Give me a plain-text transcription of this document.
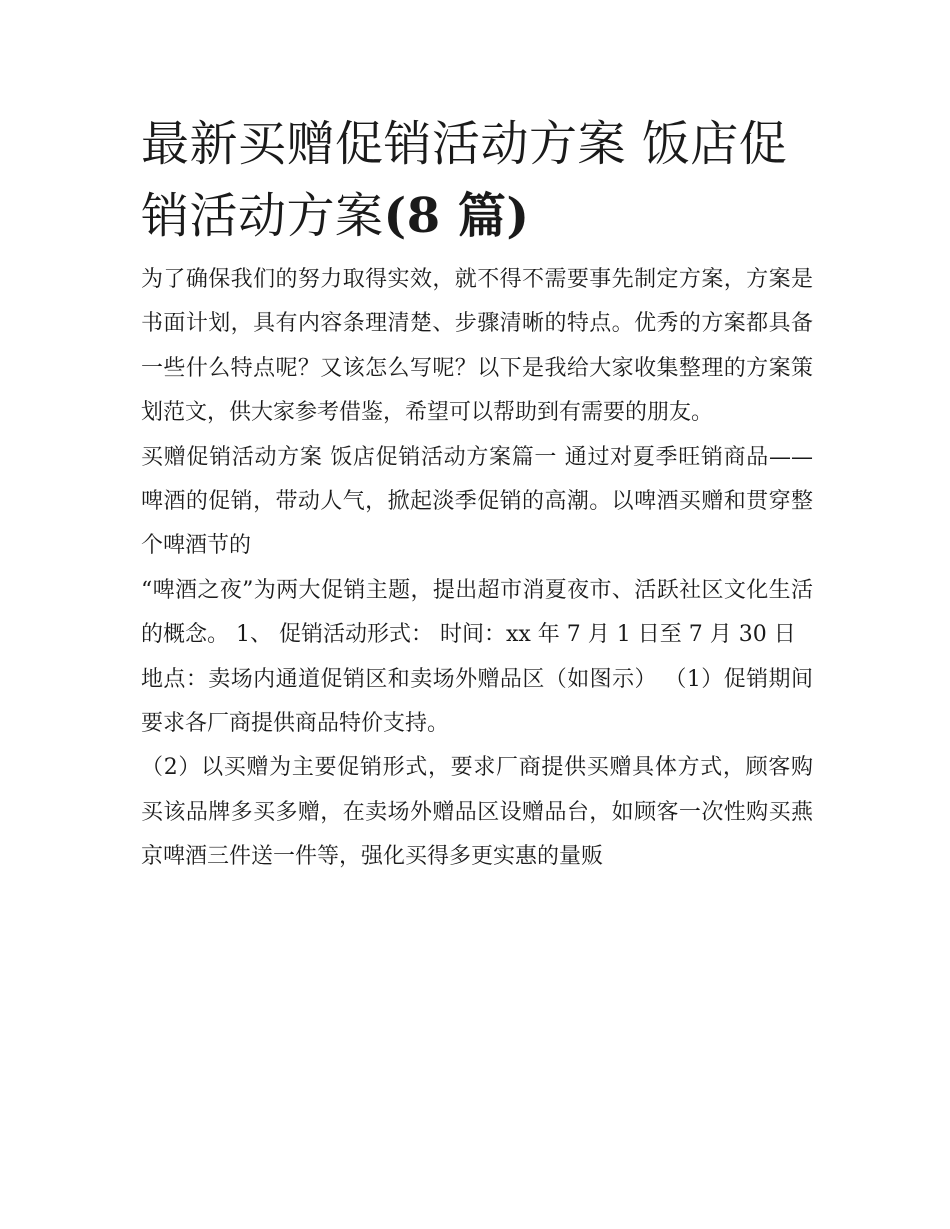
最新买赠促销活动方案 饭店促销活动方案(8 篇)

为了确保我们的努力取得实效，就不得不需要事先制定方案，方案是书面计划，具有内容条理清楚、步骤清晰的特点。优秀的方案都具备一些什么特点呢？又该怎么写呢？以下是我给大家收集整理的方案策划范文，供大家参考借鉴，希望可以帮助到有需要的朋友。

买赠促销活动方案 饭店促销活动方案篇一 通过对夏季旺销商品——啤酒的促销，带动人气，掀起淡季促销的高潮。以啤酒买赠和贯穿整个啤酒节的

“啤酒之夜”为两大促销主题，提出超市消夏夜市、活跃社区文化生活的概念。 1、 促销活动形式： 时间：xx 年 7 月 1 日至 7 月 30 日

地点：卖场内通道促销区和卖场外赠品区（如图示） （1）促销期间要求各厂商提供商品特价支持。

（2）以买赠为主要促销形式，要求厂商提供买赠具体方式，顾客购买该品牌多买多赠，在卖场外赠品区设赠品台，如顾客一次性购买燕京啤酒三件送一件等，强化买得多更实惠的量贩
